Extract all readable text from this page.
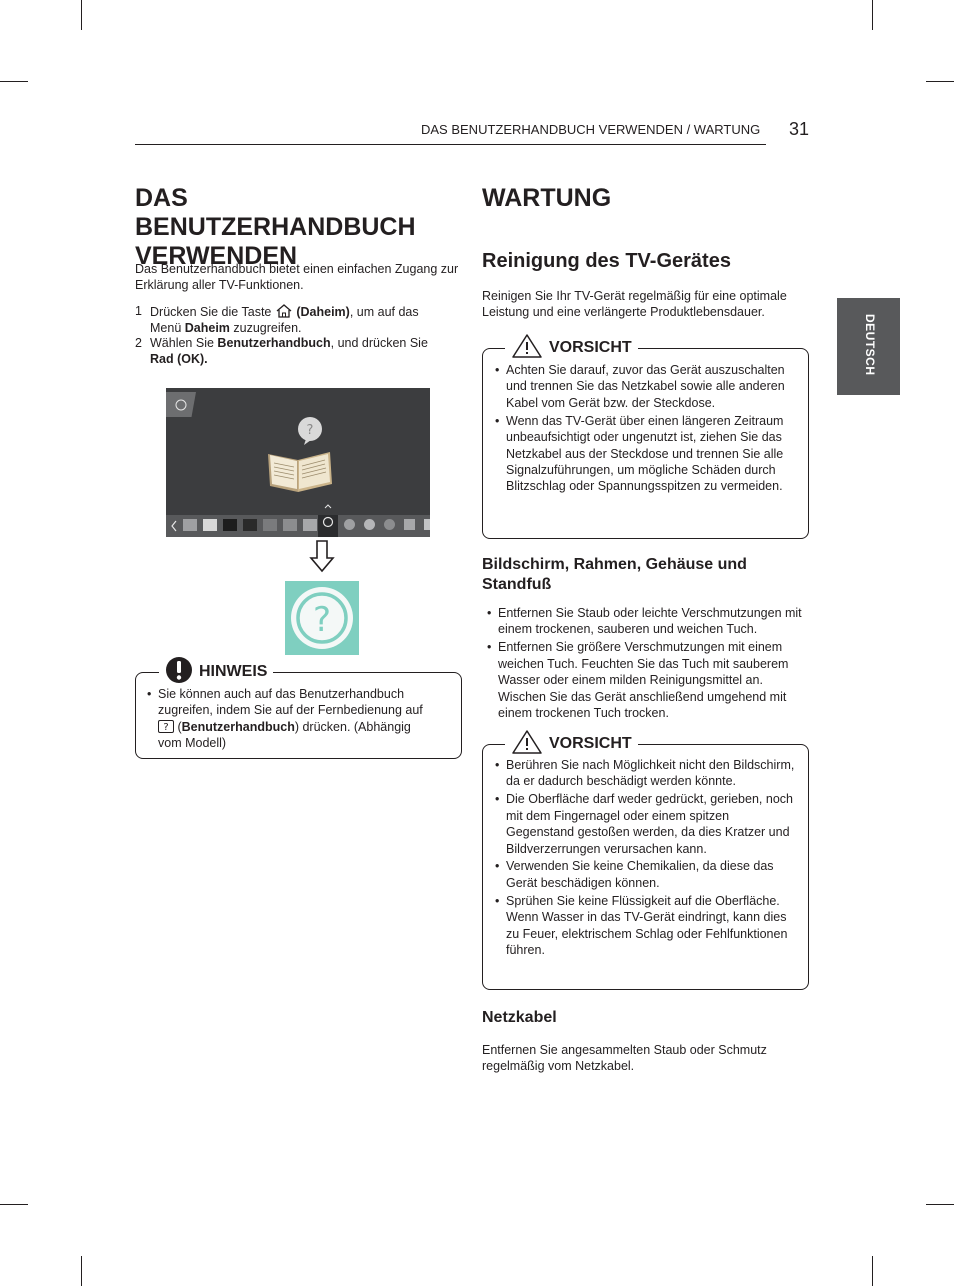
DAS BENUTZERHANDBUCH VERWENDEN / WARTUNG 31
DEUTSCH
DAS BENUTZERHANDBUCH
VERWENDEN

Das Benutzerhandbuch bietet einen einfachen Zugang zur Erklärung aller TV-Funktionen.

1 Drücken Sie die Taste (Daheim), um auf das
Menü Daheim zuzugreifen.
2 Wählen Sie Benutzerhandbuch, und drücken Sie
Rad (OK).
?
?
HINWEIS
• Sie können auch auf das Benutzerhandbuch
zugreifen, indem Sie auf der Fernbedienung auf

? (Benutzerhandbuch) drücken. (Abhängig
vom Modell)
WARTUNG
Reinigung des TV-Gerätes

Reinigen Sie Ihr TV-Gerät regelmäßig für eine optimale Leistung und eine verlängerte Produktlebensdauer.

VORSICHT
• Achten Sie darauf, zuvor das Gerät auszuschalten und trennen Sie das Netzkabel sowie alle anderen Kabel vom Gerät bzw. der Steckdose.
• Wenn das TV-Gerät über einen längeren Zeitraum unbeaufsichtigt oder ungenutzt ist, ziehen Sie das Netzkabel aus der Steckdose und trennen Sie alle Signalzuführungen, um mögliche Schäden durch Blitzschlag oder Spannungsspitzen zu vermeiden.
Bildschirm, Rahmen, Gehäuse und Standfuß
• Entfernen Sie Staub oder leichte Verschmutzungen mit einem trockenen, sauberen und weichen Tuch.
• Entfernen Sie größere Verschmutzungen mit einem weichen Tuch. Feuchten Sie das Tuch mit sauberem Wasser oder einem milden Reinigungsmittel an. Wischen Sie das Gerät anschließend umgehend mit einem trockenen Tuch trocken.
VORSICHT
• Berühren Sie nach Möglichkeit nicht den Bildschirm, da er dadurch beschädigt werden könnte.
• Die Oberfläche darf weder gedrückt, gerieben, noch mit dem Fingernagel oder einem spitzen Gegenstand gestoßen werden, da dies Kratzer und Bildverzerrungen verursachen kann.
• Verwenden Sie keine Chemikalien, da diese das Gerät beschädigen können.
• Sprühen Sie keine Flüssigkeit auf die Oberfläche. Wenn Wasser in das TV-Gerät eindringt, kann dies zu Feuer, elektrischem Schlag oder Fehlfunktionen führen.
Netzkabel

Entfernen Sie angesammelten Staub oder Schmutz regelmäßig vom Netzkabel.
